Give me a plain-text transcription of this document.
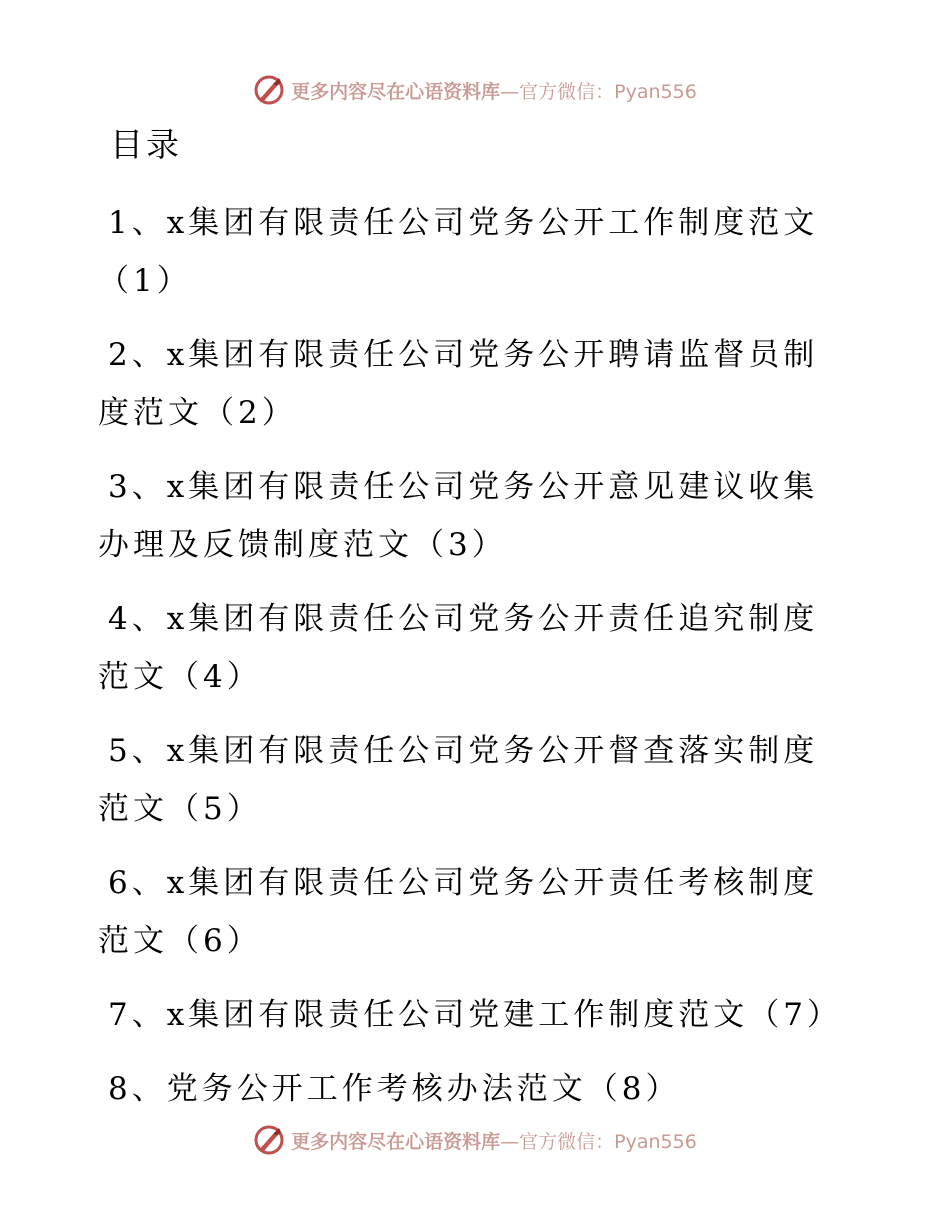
更多内容尽在心语资料库 —官方微信：Pyan556
目录
1、x集团有限责任公司党务公开工作制度范文（1）
2、x集团有限责任公司党务公开聘请监督员制度范文（2）
3、x集团有限责任公司党务公开意见建议收集办理及反馈制度范文（3）
4、x集团有限责任公司党务公开责任追究制度范文（4）
5、x集团有限责任公司党务公开督查落实制度范文（5）
6、x集团有限责任公司党务公开责任考核制度范文（6）
7、x集团有限责任公司党建工作制度范文（7）
8、党务公开工作考核办法范文（8）
更多内容尽在心语资料库 —官方微信：Pyan556
